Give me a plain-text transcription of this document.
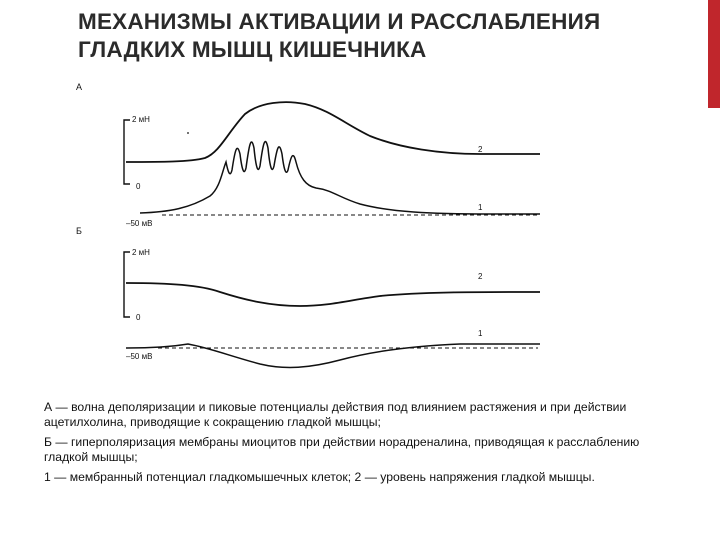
МЕХАНИЗМЫ АКТИВАЦИИ И РАССЛАБЛЕНИЯ
ГЛАДКИХ МЫШЦ КИШЕЧНИКА
А
2 мН
0
2
1
–50 мВ
Б
2 мН
0
2
1
–50 мВ

А — волна деполяризации и пиковые потенциалы действия под влиянием растяжения и при действии ацетилхолина, приводящие к сокращению гладкой мышцы;

Б — гиперполяризация мембраны миоцитов при действии норадреналина, приводящая к расслаблению гладкой мышцы;

1 — мембранный потенциал гладкомышечных клеток; 2 — уровень напряжения гладкой мышцы.
